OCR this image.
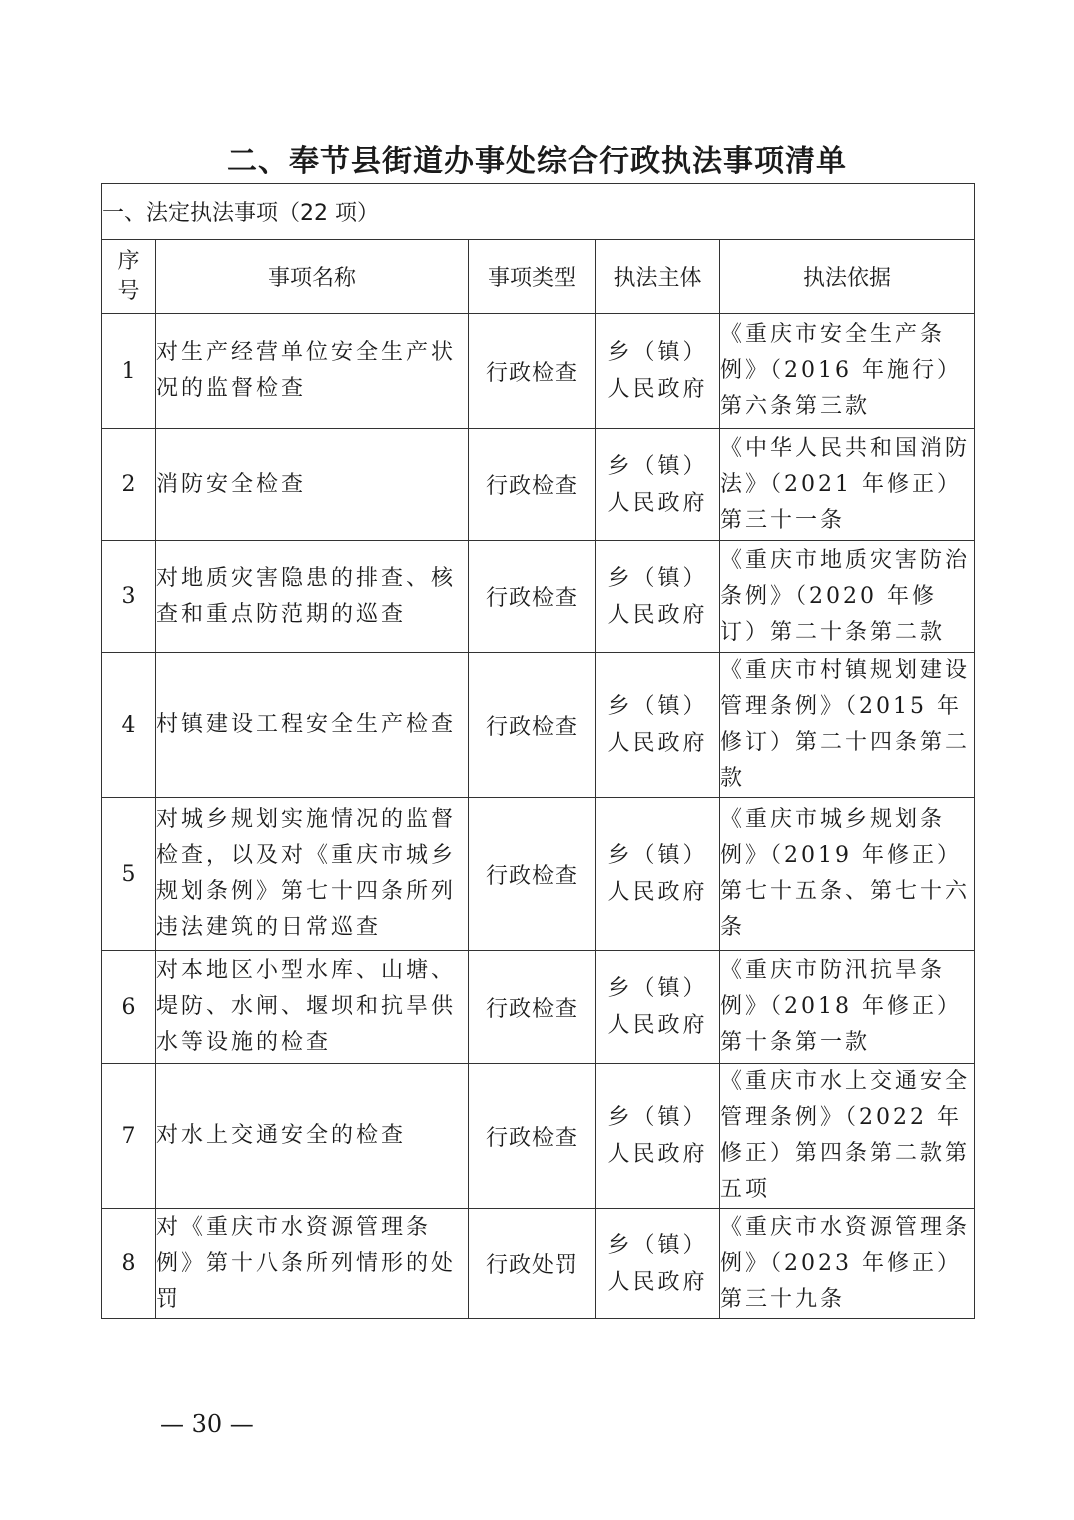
二、奉节县街道办事处综合行政执法事项清单
一、法定执法事项（22 项）				
序号	事项名称	事项类型	执法主体	执法依据
1	对生产经营单位安全生产状况的监督检查	行政检查	乡（镇）人民政府	《重庆市安全生产条例》（2016 年施行）第六条第三款
2	消防安全检查	行政检查	乡（镇）人民政府	《中华人民共和国消防法》（2021 年修正）第三十一条
3	对地质灾害隐患的排查、核查和重点防范期的巡查	行政检查	乡（镇）人民政府	《重庆市地质灾害防治条例》（2020 年修订）第二十条第二款
4	村镇建设工程安全生产检查	行政检查	乡（镇）人民政府	《重庆市村镇规划建设管理条例》（2015 年修订）第二十四条第二款
5	对城乡规划实施情况的监督检查，以及对《重庆市城乡规划条例》第七十四条所列违法建筑的日常巡查	行政检查	乡（镇）人民政府	《重庆市城乡规划条例》（2019 年修正）第七十五条、第七十六条
6	对本地区小型水库、山塘、堤防、水闸、堰坝和抗旱供水等设施的检查	行政检查	乡（镇）人民政府	《重庆市防汛抗旱条例》（2018 年修正）第十条第一款
7	对水上交通安全的检查	行政检查	乡（镇）人民政府	《重庆市水上交通安全管理条例》（2022 年修正）第四条第二款第五项
8	对《重庆市水资源管理条例》第十八条所列情形的处罚	行政处罚	乡（镇）人民政府	《重庆市水资源管理条例》（2023 年修正）第三十九条
— 30 —
